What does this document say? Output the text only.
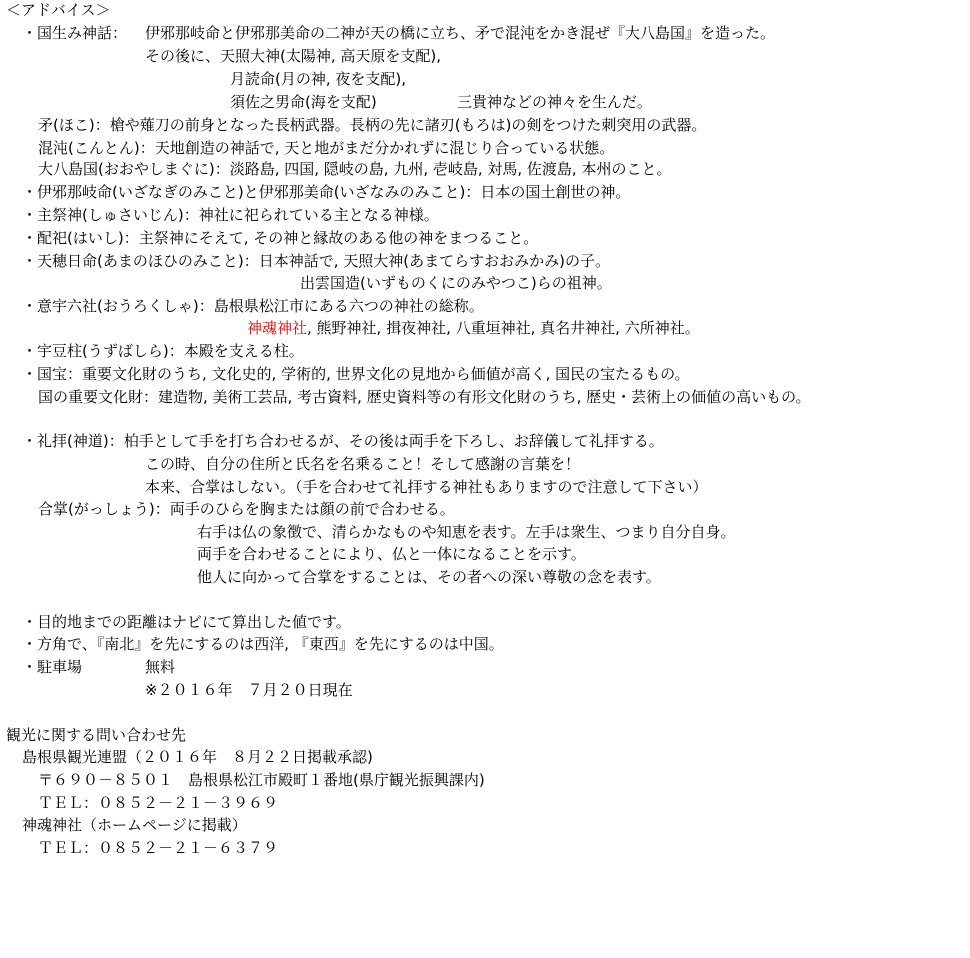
＜アドバイス＞
・国生み神話： 伊邪那岐命と伊邪那美命の二神が天の橋に立ち、矛で混沌をかき混ぜ『大八島国』を造った。
その後に、天照大神(太陽神, 高天原を支配),
月読命(月の神, 夜を支配),
須佐之男命(海を支配)	三貴神などの神々を生んだ。
矛(ほこ)：槍や薙刀の前身となった長柄武器。長柄の先に諸刃(もろは)の剣をつけた刺突用の武器。
混沌(こんとん)：天地創造の神話で, 天と地がまだ分かれずに混じり合っている状態。
大八島国(おおやしまぐに)：淡路島, 四国, 隠岐の島, 九州, 壱岐島, 対馬, 佐渡島, 本州のこと。
・伊邪那岐命(いざなぎのみこと)と伊邪那美命(いざなみのみこと)：日本の国土創世の神。
・主祭神(しゅさいじん)：神社に祀られている主となる神様。
・配祀(はいし)：主祭神にそえて, その神と縁故のある他の神をまつること。
・天穂日命(あまのほひのみこと)：日本神話で, 天照大神(あまてらすおおみかみ)の子。
出雲国造(いずものくにのみやつこ)らの祖神。
・意宇六社(おうろくしゃ)：島根県松江市にある六つの神社の総称。
神魂神社, 熊野神社, 揖夜神社, 八重垣神社, 真名井神社, 六所神社。
・宇豆柱(うずばしら)：本殿を支える柱。
・国宝：重要文化財のうち, 文化史的, 学術的, 世界文化の見地から価値が高く, 国民の宝たるもの。
国の重要文化財：建造物, 美術工芸品, 考古資料, 歴史資料等の有形文化財のうち, 歴史・芸術上の価値の高いもの。
・礼拝(神道)：柏手として手を打ち合わせるが、その後は両手を下ろし、お辞儀して礼拝する。
この時、自分の住所と氏名を名乗ること！そして感謝の言葉を！
本来、合掌はしない。（手を合わせて礼拝する神社もありますので注意して下さい）
合掌(がっしょう)：両手のひらを胸または顔の前で合わせる。
右手は仏の象徴で、清らかなものや知恵を表す。左手は衆生、つまり自分自身。
両手を合わせることにより、仏と一体になることを示す。
他人に向かって合掌をすることは、その者への深い尊敬の念を表す。
・目的地までの距離はナビにて算出した値です。
・方角で、『南北』を先にするのは西洋, 『東西』を先にするのは中国。
・駐車場	無料
※２０１６年　７月２０日現在
観光に関する問い合わせ先
島根県観光連盟（２０１６年　８月２２日掲載承認)
〒６９０－８５０１　島根県松江市殿町１番地(県庁観光振興課内)
ＴＥＬ：０８５２－２１－３９６９
神魂神社（ホームページに掲載）
ＴＥＬ：０８５２－２１－６３７９
